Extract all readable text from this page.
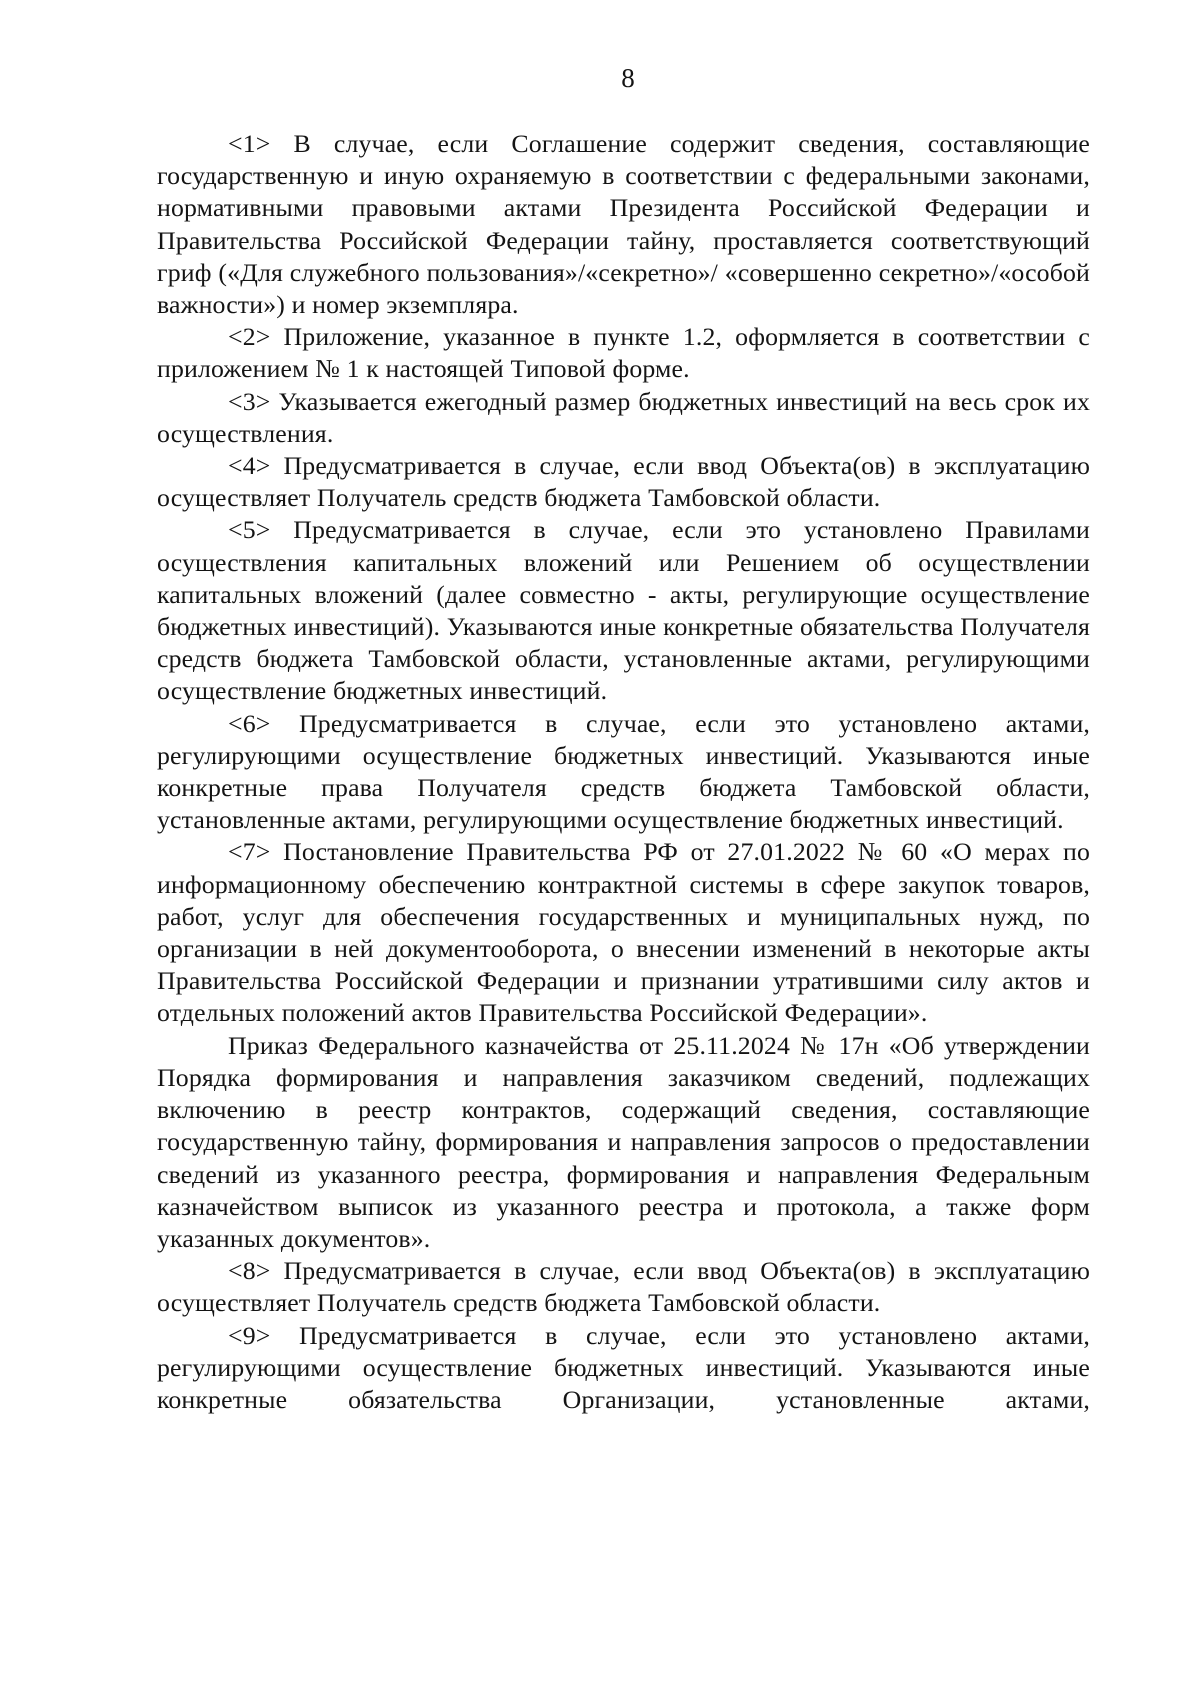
8

<1> В случае, если Соглашение содержит сведения, составляющие государственную и иную охраняемую в соответствии с федеральными законами, нормативными правовыми актами Президента Российской Федерации и Правительства Российской Федерации тайну, проставляется соответствующий гриф («Для служебного пользования»/«секретно»/ «совершенно секретно»/«особой важности») и номер экземпляра.

<2> Приложение, указанное в пункте 1.2, оформляется в соответствии с приложением № 1 к настоящей Типовой форме.

<3> Указывается ежегодный размер бюджетных инвестиций на весь срок их осуществления.

<4> Предусматривается в случае, если ввод Объекта(ов) в эксплуатацию осуществляет Получатель средств бюджета Тамбовской области.

<5> Предусматривается в случае, если это установлено Правилами осуществления капитальных вложений или Решением об осуществлении капитальных вложений (далее совместно - акты, регулирующие осуществление бюджетных инвестиций). Указываются иные конкретные обязательства Получателя средств бюджета Тамбовской области, установленные актами, регулирующими осуществление бюджетных инвестиций.

<6> Предусматривается в случае, если это установлено актами, регулирующими осуществление бюджетных инвестиций. Указываются иные конкретные права Получателя средств бюджета Тамбовской области, установленные актами, регулирующими осуществление бюджетных инвестиций.

<7> Постановление Правительства РФ от 27.01.2022 № 60 «О мерах по информационному обеспечению контрактной системы в сфере закупок товаров, работ, услуг для обеспечения государственных и муниципальных нужд, по организации в ней документооборота, о внесении изменений в некоторые акты Правительства Российской Федерации и признании утратившими силу актов и отдельных положений актов Правительства Российской Федерации».

Приказ Федерального казначейства от 25.11.2024 № 17н «Об утверждении Порядка формирования и направления заказчиком сведений, подлежащих включению в реестр контрактов, содержащий сведения, составляющие государственную тайну, формирования и направления запросов о предоставлении сведений из указанного реестра, формирования и направления Федеральным казначейством выписок из указанного реестра и протокола, а также форм указанных документов».

<8> Предусматривается в случае, если ввод Объекта(ов) в эксплуатацию осуществляет Получатель средств бюджета Тамбовской области.

<9> Предусматривается в случае, если это установлено актами, регулирующими осуществление бюджетных инвестиций. Указываются иные конкретные обязательства Организации, установленные актами,
